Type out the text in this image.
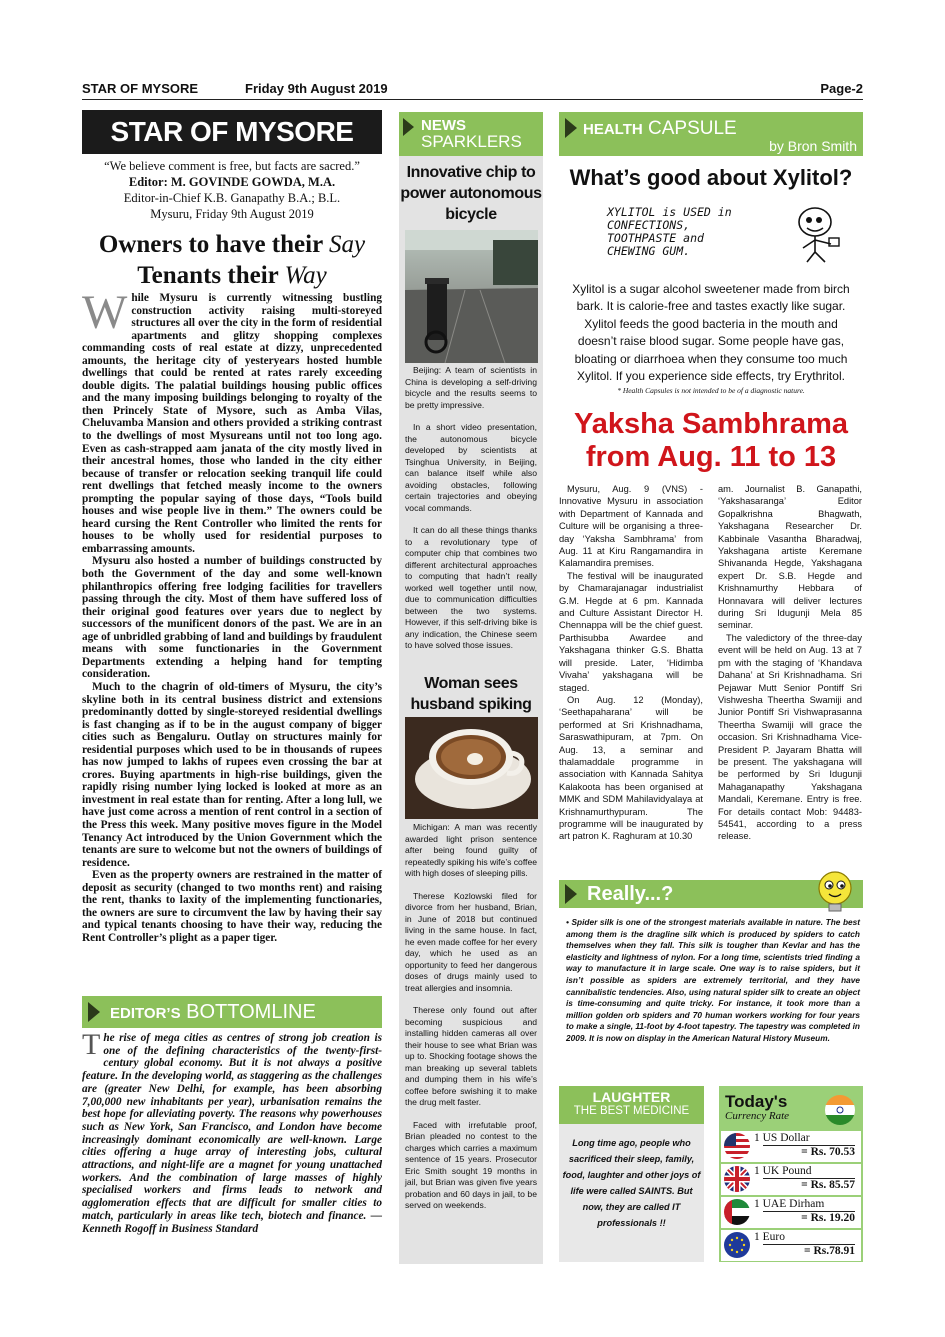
STAR OF MYSORE	Friday 9th August 2019	Page-2
STAR OF MYSORE
“We believe comment is free, but facts are sacred.”
Editor: M. GOVINDE GOWDA, M.A.
Editor-in-Chief K.B. Ganapathy B.A.; B.L.
Mysuru, Friday 9th August 2019
Owners to have their Say
Tenants their Way

While Mysuru is currently witnessing bustling construction activity raising multi-storeyed structures all over the city in the form of residential apartments and glitzy shopping complexes commanding costs of real estate at dizzy, unprecedented amounts, the heritage city of yesteryears hosted humble dwellings that could be rented at rates rarely exceeding double digits. The palatial buildings housing public offices and the many imposing buildings belonging to royalty of the then Princely State of Mysore, such as Amba Vilas, Cheluvamba Mansion and others provided a striking contrast to the dwellings of most Mysureans until not too long ago. Even as cash-strapped aam janata of the city mostly lived in their ancestral homes, those who landed in the city either because of transfer or relocation seeking tranquil life could rent dwellings that fetched measly income to the owners prompting the popular saying of those days, “Tools build houses and wise people live in them.” The owners could be heard cursing the Rent Controller who limited the rents for houses to be wholly used for residential purposes to embarrassing amounts.

Mysuru also hosted a number of buildings constructed by both the Government of the day and some well-known philanthropics offering free lodging facilities for travellers passing through the city. Most of them have suffered loss of their original good features over years due to neglect by successors of the munificent donors of the past. We are in an age of unbridled grabbing of land and buildings by fraudulent means with some functionaries in the Government Departments extending a helping hand for tempting consideration.

Much to the chagrin of old-timers of Mysuru, the city’s skyline both in its central business district and extensions predominantly dotted by single-storeyed residential dwellings is fast changing as if to be in the august company of bigger cities such as Bengaluru. Outlay on structures mainly for residential purposes which used to be in thousands of rupees has now jumped to lakhs of rupees even crossing the bar at crores. Buying apartments in high-rise buildings, given the rapidly rising number lying locked is looked at more as an investment in real estate than for renting. After a long lull, we have just come across a mention of rent control in a section of the Press this week. Many positive moves figure in the Model Tenancy Act introduced by the Union Government which the tenants are sure to welcome but not the owners of buildings of residence.

Even as the property owners are restrained in the matter of deposit as security (changed to two months rent) and raising the rent, thanks to laxity of the implementing functionaries, the owners are sure to circumvent the law by having their say and typical tenants choosing to have their way, reducing the Rent Controller’s plight as a paper tiger.

EDITOR’S BOTTOMLINE
The rise of mega cities as centres of strong job creation is one of the defining characteristics of the twenty-first-century global economy. But it is not always a positive feature. In the developing world, as staggering as the challenges are (greater New Delhi, for example, has been absorbing 7,00,000 new inhabitants per year), urbanisation remains the best hope for alleviating poverty. The reasons why powerhouses such as New York, San Francisco, and London have become increasingly dominant economically are well-known. Large cities offering a huge array of interesting jobs, cultural attractions, and night-life are a magnet for young unattached workers. And the combination of large masses of highly specialised workers and firms leads to network and agglomeration effects that are difficult for smaller cities to match, particularly in areas like tech, biotech and finance. — Kenneth Rogoff in Business Standard
NEWS
SPARKLERS
Innovative chip to power autonomous bicycle

Beijing: A team of scientists in China is developing a self-driving bicycle and the results seems to be pretty impressive.

In a short video presentation, the autonomous bicycle developed by scientists at Tsinghua University, in Beijing, can balance itself while also avoiding obstacles, following certain trajectories and obeying vocal commands.

It can do all these things thanks to a revolutionary type of computer chip that combines two different architectural approaches to computing that hadn’t really worked well together until now, due to communication difficulties between the two systems. However, if this self-driving bike is any indication, the Chinese seem to have solved those issues.

Woman sees husband spiking

Michigan: A man was recently awarded light prison sentence after being found guilty of repeatedly spiking his wife’s coffee with high doses of sleeping pills.

Therese Kozlowski filed for divorce from her husband, Brian, in June of 2018 but continued living in the same house. In fact, he even made coffee for her every day, which he used as an opportunity to feed her dangerous doses of drugs mainly used to treat allergies and insomnia.

Therese only found out after becoming suspicious and installing hidden cameras all over their house to see what Brian was up to. Shocking footage shows the man breaking up several tablets and dumping them in his wife’s coffee before swishing it to make the drug melt faster.

Faced with irrefutable proof, Brian pleaded no contest to the charges which carries a maximum sentence of 15 years. Prosecutor Eric Smith sought 19 months in jail, but Brian was given five years probation and 60 days in jail, to be served on weekends.

HEALTH CAPSULE
by Bron Smith
What’s good about Xylitol?
XYLITOL is USED in CONFECTIONS, TOOTHPASTE and CHEWING GUM.
Xylitol is a sugar alcohol sweetener made from birch bark. It is calorie-free and tastes exactly like sugar. Xylitol feeds the good bacteria in the mouth and doesn’t raise blood sugar. Some people have gas, bloating or diarrhoea when they consume too much Xylitol. If you experience side effects, try Erythritol.
* Health Capsules is not intended to be of a diagnostic nature.
Yaksha Sambhrama
from Aug. 11 to 13

Mysuru, Aug. 9 (VNS) - Innovative Mysuru in association with Department of Kannada and Culture will be organising a three-day ‘Yaksha Sambhrama’ from Aug. 11 at Kiru Rangamandira in Kalamandira premises.

The festival will be inaugurated by Chamarajanagar industrialist G.M. Hegde at 6 pm. Kannada and Culture Assistant Director H. Chennappa will be the chief guest. Parthisubba Awardee and Yakshagana thinker G.S. Bhatta will preside. Later, ‘Hidimba Vivaha’ yakshagana will be staged.

On Aug. 12 (Monday), ‘Seethapaharana’ will be performed at Sri Krishnadhama, Saraswathipuram, at 7pm. On Aug. 13, a seminar and thalamaddale programme in association with Kannada Sahitya Kalakoota has been organised at MMK and SDM Mahilavidyalaya at Krishnamurthypuram. The programme will be inaugurated by art patron K. Raghuram at 10.30

am. Journalist B. Ganapathi, ‘Yakshasaranga’ Editor Gopalkrishna Bhagwath, Yakshagana Researcher Dr. Kabbinale Vasantha Bharadwaj, Yakshagana artiste Keremane Shivananda Hegde, Yakshagana expert Dr. S.B. Hegde and Krishnamurthy Hebbara of Honnavara will deliver lectures during Sri Idugunji Mela 85 seminar.

The valedictory of the three-day event will be held on Aug. 13 at 7 pm with the staging of ‘Khandava Dahana’ at Sri Krishnadhama. Sri Pejawar Mutt Senior Pontiff Sri Vishwesha Theertha Swamiji and Junior Pontiff Sri Vishwaprasanna Theertha Swamiji will grace the occasion. Sri Krishnadhama Vice-President P. Jayaram Bhatta will be present. The yakshagana will be performed by Sri Idugunji Mahaganapathy Yakshagana Mandali, Keremane. Entry is free. For details contact Mob: 94483-54541, according to a press release.

Really...?
• Spider silk is one of the strongest materials available in nature. The best among them is the dragline silk which is produced by spiders to catch themselves when they fall. This silk is tougher than Kevlar and has the elasticity and lightness of nylon. For a long time, scientists tried finding a way to manufacture it in large scale. One way is to raise spiders, but it isn’t possible as spiders are extremely territorial, and they have cannibalistic tendencies. Also, using natural spider silk to create an object is time-consuming and quite tricky. For instance, it took more than a million golden orb spiders and 70 human workers working for four years to make a single, 11-foot by 4-foot tapestry. The tapestry was completed in 2009. It is now on display in the American Natural History Museum.
LAUGHTER
THE BEST MEDICINE
Long time ago, people who sacrificed their sleep, family, food, laughter and other joys of life were called SAINTS. But now, they are called IT professionals !!
Today's
Currency Rate
1 US Dollar
= Rs. 70.53
1 UK Pound
= Rs. 85.57
1 UAE Dirham
= Rs. 19.20
1 Euro
= Rs.78.91
